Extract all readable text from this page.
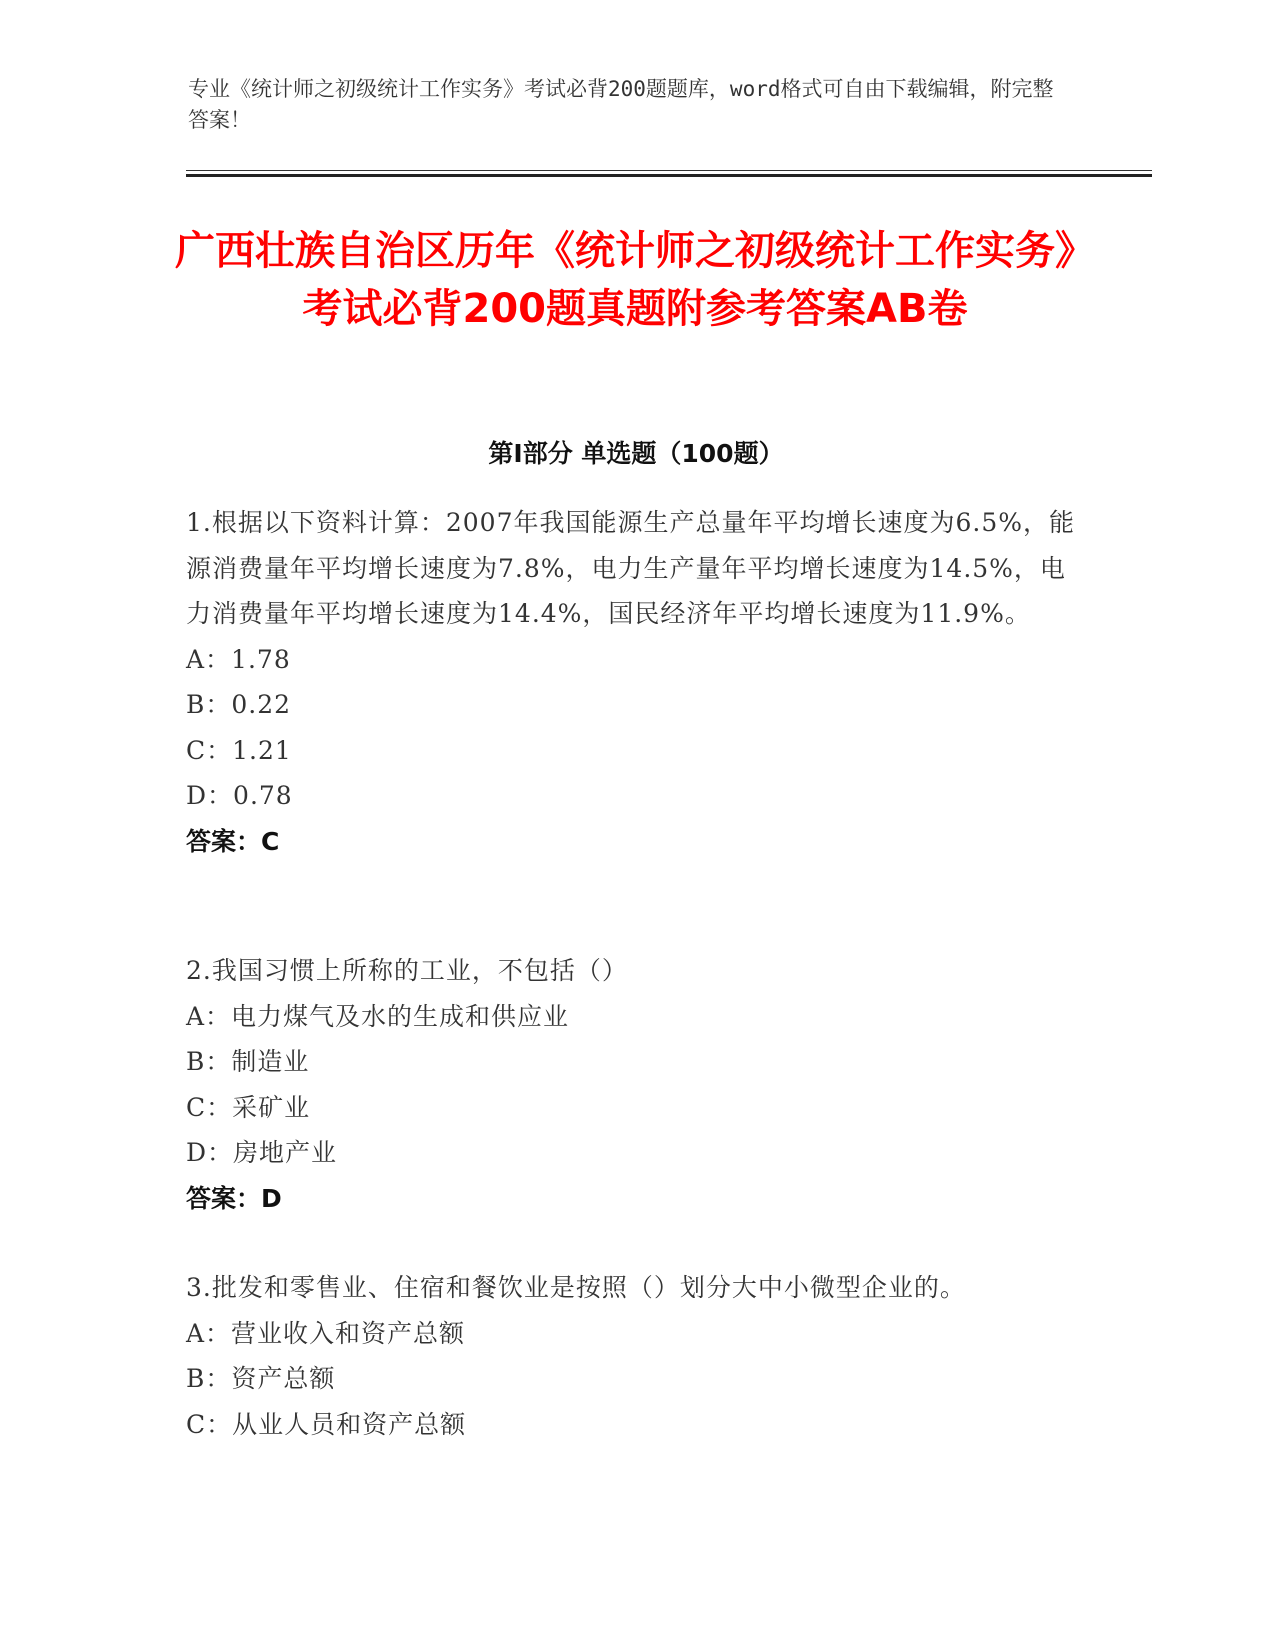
专业《统计师之初级统计工作实务》考试必背200题题库，word格式可自由下载编辑，附完整答案！
广西壮族自治区历年《统计师之初级统计工作实务》考试必背200题真题附参考答案AB卷
第Ⅰ部分 单选题（100题）
1.根据以下资料计算：2007年我国能源生产总量年平均增长速度为6.5%，能源消费量年平均增长速度为7.8%，电力生产量年平均增长速度为14.5%，电力消费量年平均增长速度为14.4%，国民经济年平均增长速度为11.9%。
A：1.78
B：0.22
C：1.21
D：0.78
答案：C
2.我国习惯上所称的工业，不包括（）
A：电力煤气及水的生成和供应业
B：制造业
C：采矿业
D：房地产业
答案：D
3.批发和零售业、住宿和餐饮业是按照（）划分大中小微型企业的。
A：营业收入和资产总额
B：资产总额
C：从业人员和资产总额
